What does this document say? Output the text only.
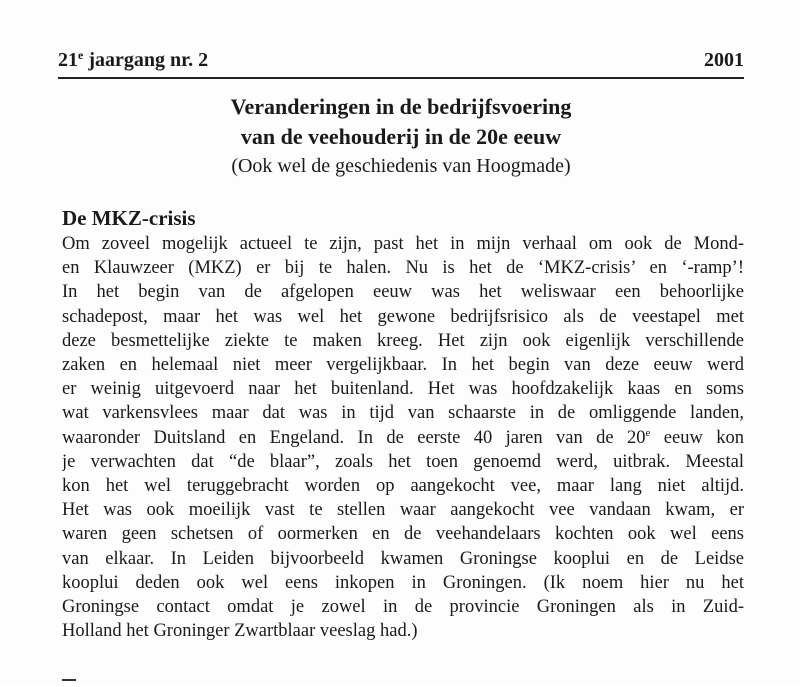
21e jaargang nr. 2	2001
Veranderingen in de bedrijfsvoering
van de veehouderij in de 20e eeuw
(Ook wel de geschiedenis van Hoogmade)
De MKZ-crisis
Om zoveel mogelijk actueel te zijn, past het in mijn verhaal om ook de Mond-
en Klauwzeer (MKZ) er bij te halen. Nu is het de ‘MKZ-crisis’ en ‘-ramp’!
In het begin van de afgelopen eeuw was het weliswaar een behoorlijke
schadepost, maar het was wel het gewone bedrijfsrisico als de veestapel met
deze besmettelijke ziekte te maken kreeg. Het zijn ook eigenlijk verschillende
zaken en helemaal niet meer vergelijkbaar. In het begin van deze eeuw werd
er weinig uitgevoerd naar het buitenland. Het was hoofdzakelijk kaas en soms
wat varkensvlees maar dat was in tijd van schaarste in de omliggende landen,
waaronder Duitsland en Engeland. In de eerste 40 jaren van de 20e eeuw kon
je verwachten dat “de blaar”, zoals het toen genoemd werd, uitbrak. Meestal
kon het wel teruggebracht worden op aangekocht vee, maar lang niet altijd.
Het was ook moeilijk vast te stellen waar aangekocht vee vandaan kwam, er
waren geen schetsen of oormerken en de veehandelaars kochten ook wel eens
van elkaar. In Leiden bijvoorbeeld kwamen Groningse kooplui en de Leidse
kooplui deden ook wel eens inkopen in Groningen. (Ik noem hier nu het
Groningse contact omdat je zowel in de provincie Groningen als in Zuid-
Holland het Groninger Zwartblaar veeslag had.)
